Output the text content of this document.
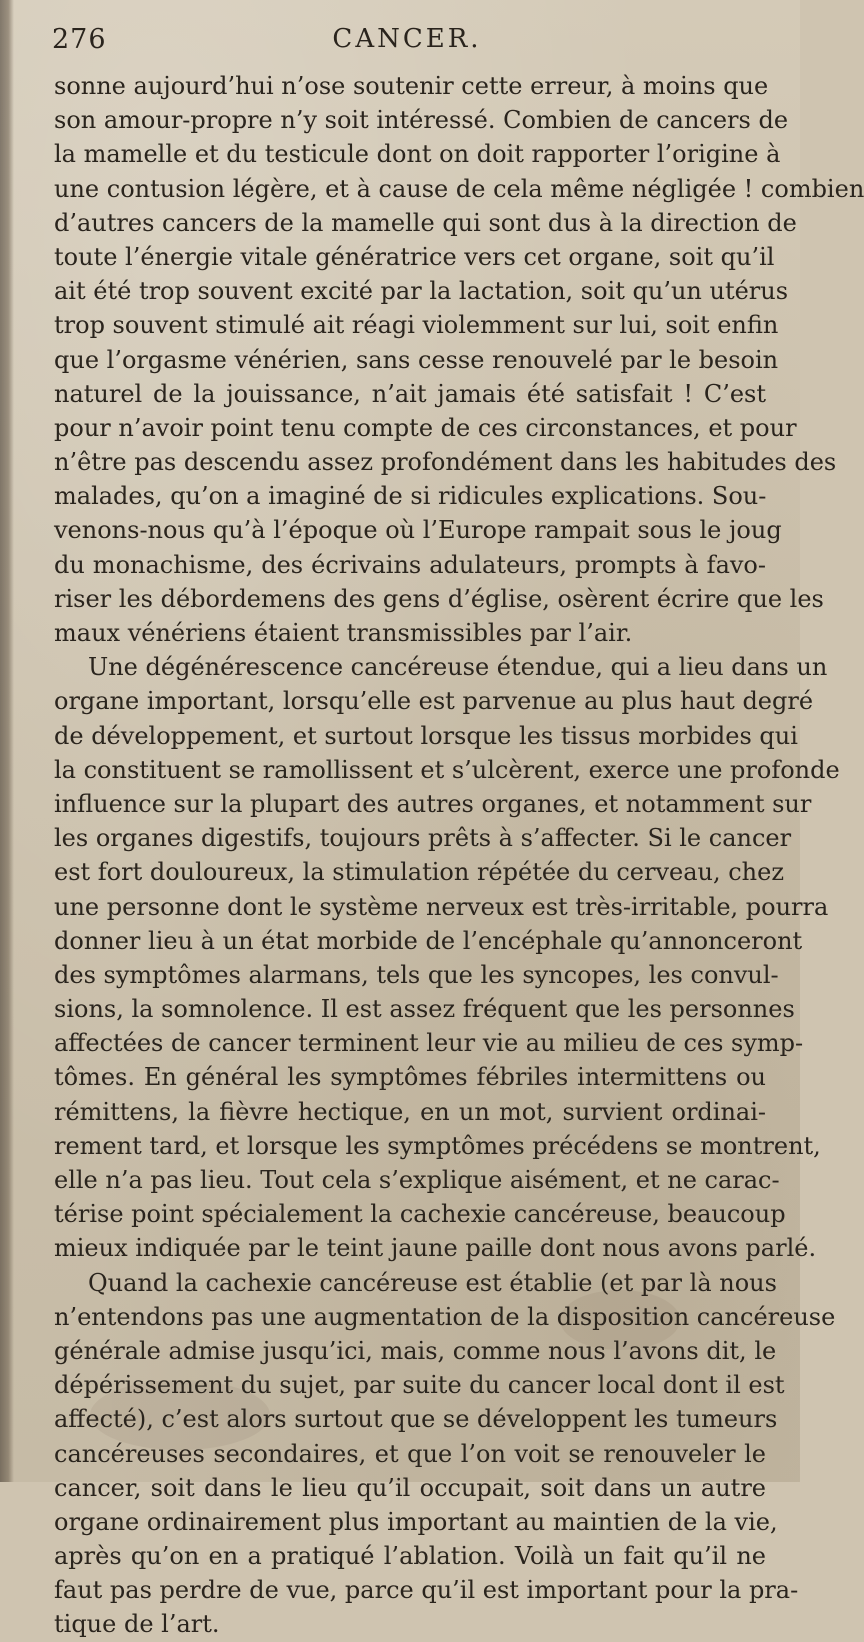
276	CANCER.
sonne aujourd’hui n’ose soutenir cette erreur, à moins que
son amour-propre n’y soit intéressé. Combien de cancers de
la mamelle et du testicule dont on doit rapporter l’origine à
une contusion légère, et à cause de cela même négligée ! combien
d’autres cancers de la mamelle qui sont dus à la direction de
toute l’énergie vitale génératrice vers cet organe, soit qu’il
ait été trop souvent excité par la lactation, soit qu’un utérus
trop souvent stimulé ait réagi violemment sur lui, soit enfin
que l’orgasme vénérien, sans cesse renouvelé par le besoin
naturel de la jouissance, n’ait jamais été satisfait ! C’est
pour n’avoir point tenu compte de ces circonstances, et pour
n’être pas descendu assez profondément dans les habitudes des
malades, qu’on a imaginé de si ridicules explications. Sou-
venons-nous qu’à l’époque où l’Europe rampait sous le joug
du monachisme, des écrivains adulateurs, prompts à favo-
riser les débordemens des gens d’église, osèrent écrire que les
maux vénériens étaient transmissibles par l’air.
Une dégénérescence cancéreuse étendue, qui a lieu dans un
organe important, lorsqu’elle est parvenue au plus haut degré
de développement, et surtout lorsque les tissus morbides qui
la constituent se ramollissent et s’ulcèrent, exerce une profonde
influence sur la plupart des autres organes, et notamment sur
les organes digestifs, toujours prêts à s’affecter. Si le cancer
est fort douloureux, la stimulation répétée du cerveau, chez
une personne dont le système nerveux est très-irritable, pourra
donner lieu à un état morbide de l’encéphale qu’annonceront
des symptômes alarmans, tels que les syncopes, les convul-
sions, la somnolence. Il est assez fréquent que les personnes
affectées de cancer terminent leur vie au milieu de ces symp-
tômes. En général les symptômes fébriles intermittens ou
rémittens, la fièvre hectique, en un mot, survient ordinai-
rement tard, et lorsque les symptômes précédens se montrent,
elle n’a pas lieu. Tout cela s’explique aisément, et ne carac-
térise point spécialement la cachexie cancéreuse, beaucoup
mieux indiquée par le teint jaune paille dont nous avons parlé.
Quand la cachexie cancéreuse est établie (et par là nous
n’entendons pas une augmentation de la disposition cancéreuse
générale admise jusqu’ici, mais, comme nous l’avons dit, le
dépérissement du sujet, par suite du cancer local dont il est
affecté), c’est alors surtout que se développent les tumeurs
cancéreuses secondaires, et que l’on voit se renouveler le
cancer, soit dans le lieu qu’il occupait, soit dans un autre
organe ordinairement plus important au maintien de la vie,
après qu’on en a pratiqué l’ablation. Voilà un fait qu’il ne
faut pas perdre de vue, parce qu’il est important pour la pra-
tique de l’art.
